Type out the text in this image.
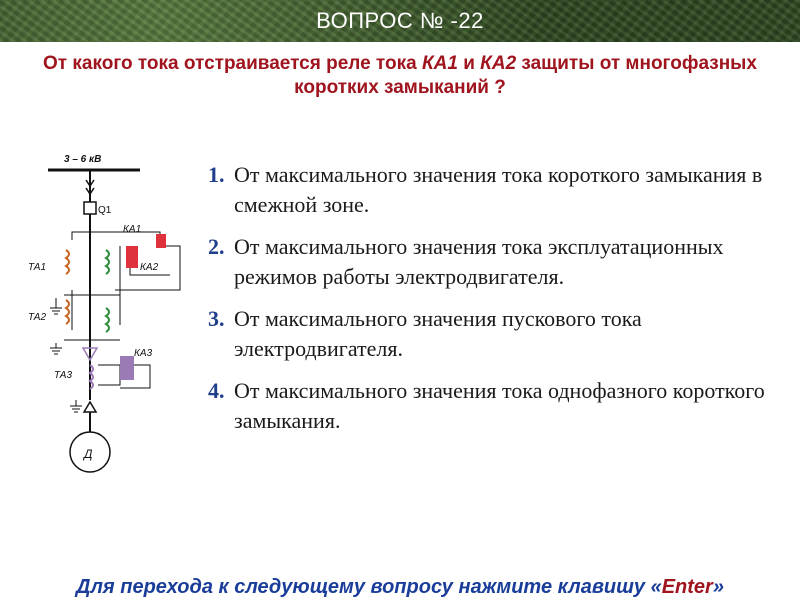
ВОПРОС № -22
От какого тока отстраивается реле тока КА1 и КА2 защиты от многофазных коротких замыканий ?
3 – 6 кВ
Q1
КА1
КА2
ТА1
ТА2
ТА3
КА3
Д
1. От максимального значения тока короткого замыкания в смежной зоне.
2. От максимального значения тока эксплуатационных режимов работы электродвигателя.
3. От максимального значения пускового тока электродвигателя.
4. От максимального значения тока однофазного короткого замыкания.
Для перехода к следующему вопросу нажмите клавишу «Enter»
